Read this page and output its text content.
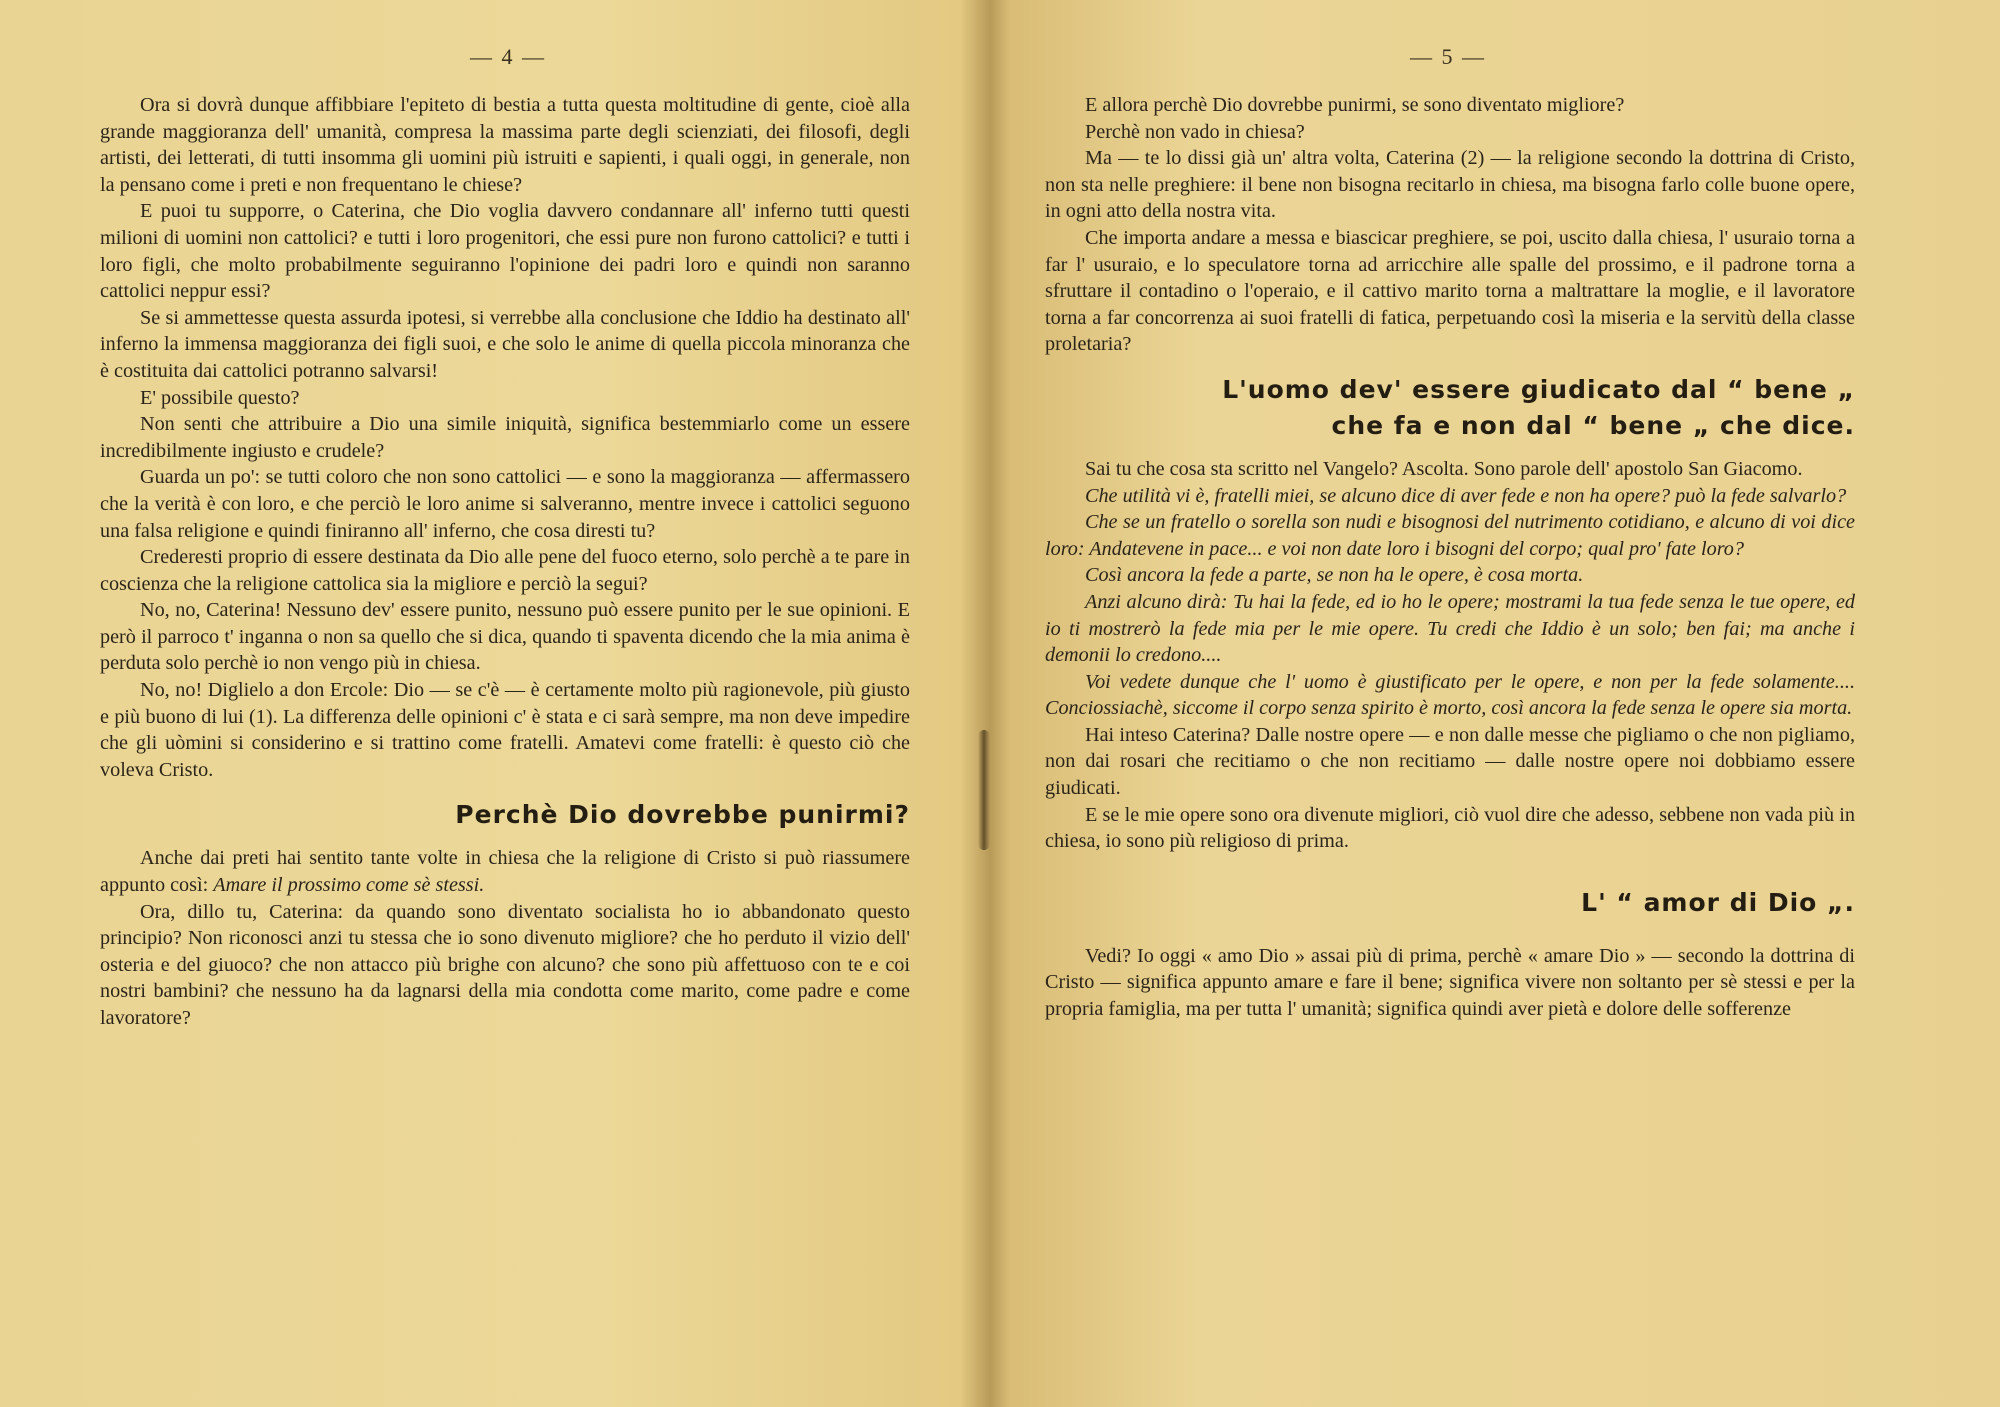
— 4 —

Ora si dovrà dunque affibbiare l'epiteto di bestia a tutta questa moltitudine di gente, cioè alla grande maggioranza dell' umanità, compresa la massima parte degli scienziati, dei filosofi, degli artisti, dei letterati, di tutti insomma gli uomini più istruiti e sapienti, i quali oggi, in generale, non la pensano come i preti e non frequentano le chiese?

E puoi tu supporre, o Caterina, che Dio voglia davvero condannare all' inferno tutti questi milioni di uomini non cattolici? e tutti i loro progenitori, che essi pure non furono cattolici? e tutti i loro figli, che molto probabilmente seguiranno l'opinione dei padri loro e quindi non saranno cattolici neppur essi?

Se si ammettesse questa assurda ipotesi, si verrebbe alla conclusione che Iddio ha destinato all' inferno la immensa maggioranza dei figli suoi, e che solo le anime di quella piccola minoranza che è costituita dai cattolici potranno salvarsi!

E' possibile questo?

Non senti che attribuire a Dio una simile iniquità, significa bestemmiarlo come un essere incredibilmente ingiusto e crudele?

Guarda un po': se tutti coloro che non sono cattolici — e sono la maggioranza — affermassero che la verità è con loro, e che perciò le loro anime si salveranno, mentre invece i cattolici seguono una falsa religione e quindi finiranno all' inferno, che cosa diresti tu?

Crederesti proprio di essere destinata da Dio alle pene del fuoco eterno, solo perchè a te pare in coscienza che la religione cattolica sia la migliore e perciò la segui?

No, no, Caterina! Nessuno dev' essere punito, nessuno può essere punito per le sue opinioni. E però il parroco t' inganna o non sa quello che si dica, quando ti spaventa dicendo che la mia anima è perduta solo perchè io non vengo più in chiesa.

No, no! Diglielo a don Ercole: Dio — se c'è — è certamente molto più ragionevole, più giusto e più buono di lui (1). La differenza delle opinioni c' è stata e ci sarà sempre, ma non deve impedire che gli uòmini si considerino e si trattino come fratelli. Amatevi come fratelli: è questo ciò che voleva Cristo.

Perchè Dio dovrebbe punirmi?

Anche dai preti hai sentito tante volte in chiesa che la religione di Cristo si può riassumere appunto così: Amare il prossimo come sè stessi.

Ora, dillo tu, Caterina: da quando sono diventato socialista ho io abbandonato questo principio? Non riconosci anzi tu stessa che io sono divenuto migliore? che ho perduto il vizio dell' osteria e del giuoco? che non attacco più brighe con alcuno? che sono più affettuoso con te e coi nostri bambini? che nessuno ha da lagnarsi della mia condotta come marito, come padre e come lavoratore?

— 5 —

E allora perchè Dio dovrebbe punirmi, se sono diventato migliore?

Perchè non vado in chiesa?

Ma — te lo dissi già un' altra volta, Caterina (2) — la religione secondo la dottrina di Cristo, non sta nelle preghiere: il bene non bisogna recitarlo in chiesa, ma bisogna farlo colle buone opere, in ogni atto della nostra vita.

Che importa andare a messa e biascicar preghiere, se poi, uscito dalla chiesa, l' usuraio torna a far l' usuraio, e lo speculatore torna ad arricchire alle spalle del prossimo, e il padrone torna a sfruttare il contadino o l'operaio, e il cattivo marito torna a maltrattare la moglie, e il lavoratore torna a far concorrenza ai suoi fratelli di fatica, perpetuando così la miseria e la servitù della classe proletaria?

L'uomo dev' essere giudicato dal “ bene „
che fa e non dal “ bene „ che dice.

Sai tu che cosa sta scritto nel Vangelo? Ascolta. Sono parole dell' apostolo San Giacomo.

Che utilità vi è, fratelli miei, se alcuno dice di aver fede e non ha opere? può la fede salvarlo?

Che se un fratello o sorella son nudi e bisognosi del nutrimento cotidiano, e alcuno di voi dice loro: Andatevene in pace... e voi non date loro i bisogni del corpo; qual pro' fate loro?

Così ancora la fede a parte, se non ha le opere, è cosa morta.

Anzi alcuno dirà: Tu hai la fede, ed io ho le opere; mostrami la tua fede senza le tue opere, ed io ti mostrerò la fede mia per le mie opere. Tu credi che Iddio è un solo; ben fai; ma anche i demonii lo credono....

Voi vedete dunque che l' uomo è giustificato per le opere, e non per la fede solamente.... Conciossiachè, siccome il corpo senza spirito è morto, così ancora la fede senza le opere sia morta.

Hai inteso Caterina? Dalle nostre opere — e non dalle messe che pigliamo o che non pigliamo, non dai rosari che recitiamo o che non recitiamo — dalle nostre opere noi dobbiamo essere giudicati.

E se le mie opere sono ora divenute migliori, ciò vuol dire che adesso, sebbene non vada più in chiesa, io sono più religioso di prima.

L' “ amor di Dio „.

Vedi? Io oggi « amo Dio » assai più di prima, perchè « amare Dio » — secondo la dottrina di Cristo — significa appunto amare e fare il bene; significa vivere non soltanto per sè stessi e per la propria famiglia, ma per tutta l' umanità; significa quindi aver pietà e dolore delle sofferenze
